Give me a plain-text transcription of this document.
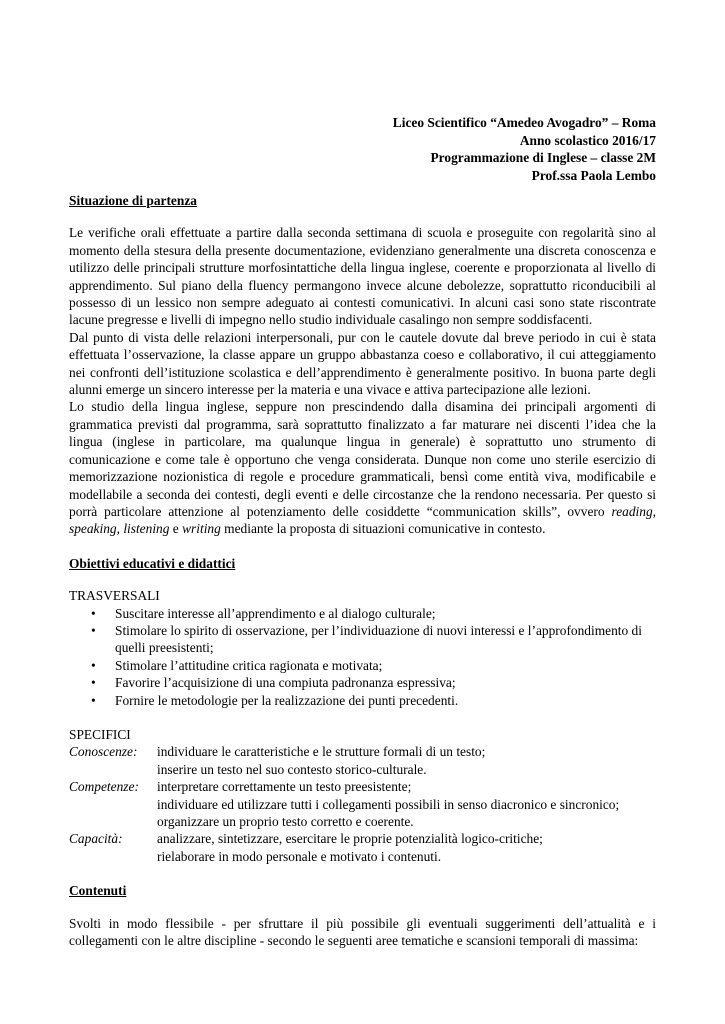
Liceo Scientifico “Amedeo Avogadro” – Roma
Anno scolastico 2016/17
Programmazione di Inglese – classe 2M
Prof.ssa Paola Lembo

Situazione di partenza

Le verifiche orali effettuate a partire dalla seconda settimana di scuola e proseguite con regolarità sino al momento della stesura della presente documentazione, evidenziano generalmente una discreta conoscenza e utilizzo delle principali strutture morfosintattiche della lingua inglese, coerente e proporzionata al livello di apprendimento. Sul piano della fluency permangono invece alcune debolezze, soprattutto riconducibili al possesso di un lessico non sempre adeguato ai contesti comunicativi. In alcuni casi sono state riscontrate lacune pregresse e livelli di impegno nello studio individuale casalingo non sempre soddisfacenti.

Dal punto di vista delle relazioni interpersonali, pur con le cautele dovute dal breve periodo in cui è stata effettuata l’osservazione, la classe appare un gruppo abbastanza coeso e collaborativo, il cui atteggiamento nei confronti dell’istituzione scolastica e dell’apprendimento è generalmente positivo. In buona parte degli alunni emerge un sincero interesse per la materia e una vivace e attiva partecipazione alle lezioni.

Lo studio della lingua inglese, seppure non prescindendo dalla disamina dei principali argomenti di grammatica previsti dal programma, sarà soprattutto finalizzato a far maturare nei discenti l’idea che la lingua (inglese in particolare, ma qualunque lingua in generale) è soprattutto uno strumento di comunicazione e come tale è opportuno che venga considerata. Dunque non come uno sterile esercizio di memorizzazione nozionistica di regole e procedure grammaticali, bensì come entità viva, modificabile e modellabile a seconda dei contesti, degli eventi e delle circostanze che la rendono necessaria. Per questo si porrà particolare attenzione al potenziamento delle cosiddette “communication skills”, ovvero reading, speaking, listening e writing mediante la proposta di situazioni comunicative in contesto.

Obiettivi educativi e didattici

TRASVERSALI
• Suscitare interesse all’apprendimento e al dialogo culturale;
• Stimolare lo spirito di osservazione, per l’individuazione di nuovi interessi e l’approfondimento di quelli preesistenti;
• Stimolare l’attitudine critica ragionata e motivata;
• Favorire l’acquisizione di una compiuta padronanza espressiva;
• Fornire le metodologie per la realizzazione dei punti precedenti.
SPECIFICI
Conoscenze:	individuare le caratteristiche e le strutture formali di un testo;
inserire un testo nel suo contesto storico-culturale.
Competenze:	interpretare correttamente un testo preesistente;
individuare ed utilizzare tutti i collegamenti possibili in senso diacronico e sincronico;
organizzare un proprio testo corretto e coerente.
Capacità:	analizzare, sintetizzare, esercitare le proprie potenzialità logico-critiche;
rielaborare in modo personale e motivato i contenuti.

Contenuti

Svolti in modo flessibile - per sfruttare il più possibile gli eventuali suggerimenti dell’attualità e i collegamenti con le altre discipline - secondo le seguenti aree tematiche e scansioni temporali di massima:
